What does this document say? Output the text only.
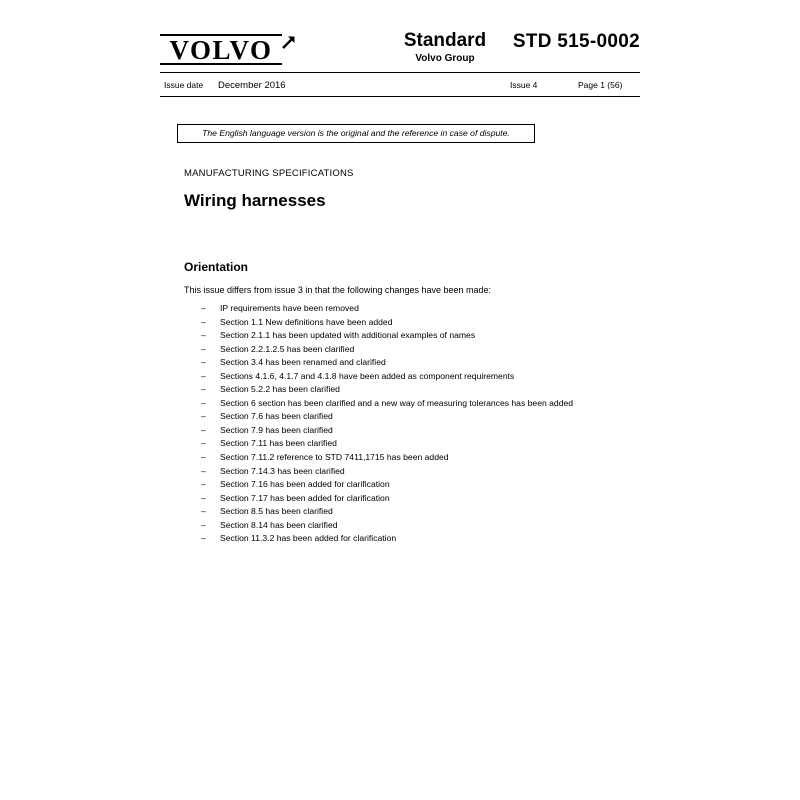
VOLVO	Standard
Volvo Group
STD 515-0002
Issue date December 2016	Issue 4	Page 1 (56)
The English language version is the original and the reference in case of dispute.
MANUFACTURING SPECIFICATIONS
Wiring harnesses
Orientation
This issue differs from issue 3 in that the following changes have been made:
– IP requirements have been removed
– Section 1.1 New definitions have been added
– Section 2.1.1 has been updated with additional examples of names
– Section 2.2.1.2.5 has been clarified
– Section 3.4 has been renamed and clarified
– Sections 4.1.6, 4.1.7 and 4.1.8 have been added as component requirements
– Section 5.2.2 has been clarified
– Section 6 section has been clarified and a new way of measuring tolerances has been added
– Section 7.6 has been clarified
– Section 7.9 has been clarified
– Section 7.11 has been clarified
– Section 7.11.2 reference to STD 7411,1715 has been added
– Section 7.14.3 has been clarified
– Section 7.16 has been added for clarification
– Section 7.17 has been added for clarification
– Section 8.5 has been clarified
– Section 8.14 has been clarified
– Section 11.3.2 has been added for clarification
